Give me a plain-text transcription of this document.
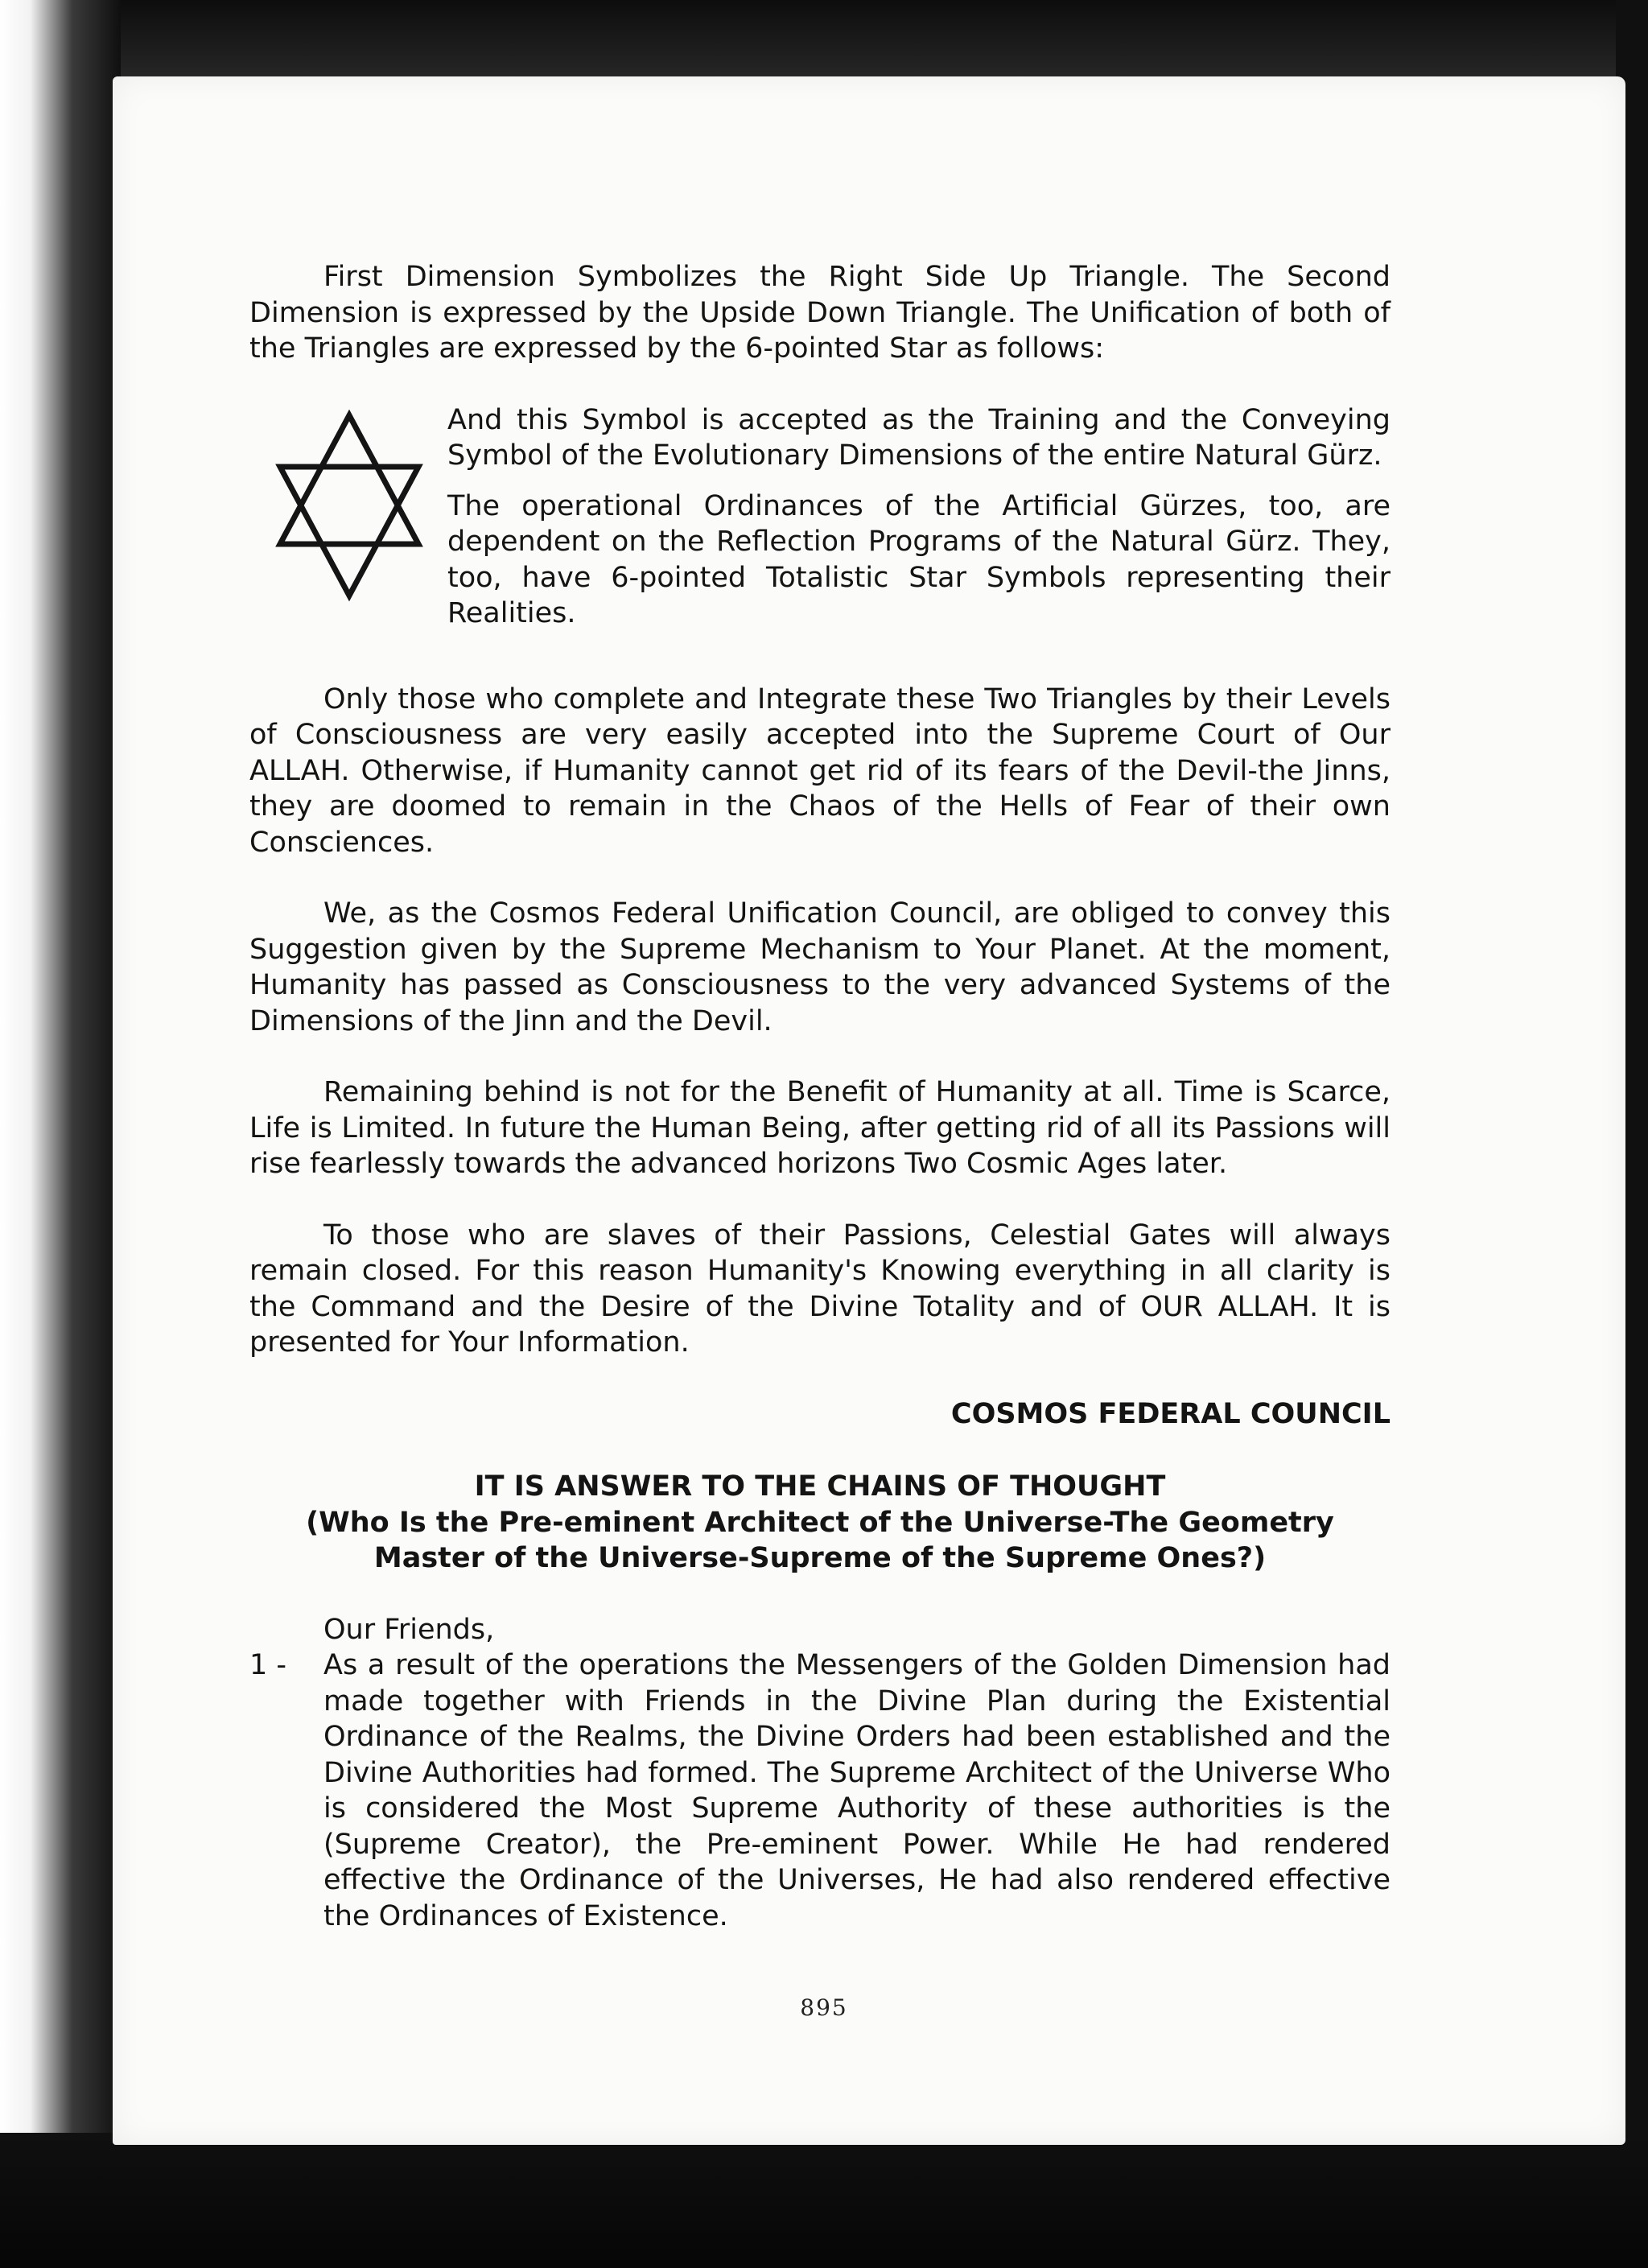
First Dimension Symbolizes the Right Side Up Triangle. The Second Dimension is expressed by the Upside Down Triangle. The Unification of both of the Triangles are expressed by the 6-pointed Star as follows:

And this Symbol is accepted as the Training and the Conveying Symbol of the Evolutionary Dimensions of the entire Natural Gürz.

The operational Ordinances of the Artificial Gürzes, too, are dependent on the Reflection Programs of the Natural Gürz. They, too, have 6-pointed Totalistic Star Symbols representing their Realities.

Only those who complete and Integrate these Two Triangles by their Levels of Consciousness are very easily accepted into the Supreme Court of Our ALLAH. Otherwise, if Humanity cannot get rid of its fears of the Devil-the Jinns, they are doomed to remain in the Chaos of the Hells of Fear of their own Consciences.

We, as the Cosmos Federal Unification Council, are obliged to convey this Suggestion given by the Supreme Mechanism to Your Planet. At the moment, Humanity has passed as Consciousness to the very advanced Systems of the Dimensions of the Jinn and the Devil.

Remaining behind is not for the Benefit of Humanity at all. Time is Scarce, Life is Limited. In future the Human Being, after getting rid of all its Passions will rise fearlessly towards the advanced horizons Two Cosmic Ages later.

To those who are slaves of their Passions, Celestial Gates will always remain closed. For this reason Humanity's Knowing everything in all clarity is the Command and the Desire of the Divine Totality and of OUR ALLAH. It is presented for Your Information.

COSMOS FEDERAL COUNCIL
IT IS ANSWER TO THE CHAINS OF THOUGHT
(Who Is the Pre-eminent Architect of the Universe-The Geometry
Master of the Universe-Supreme of the Supreme Ones?)
Our Friends,
1 -	As a result of the operations the Messengers of the Golden Dimension had made together with Friends in the Divine Plan during the Existential Ordinance of the Realms, the Divine Orders had been established and the Divine Authorities had formed. The Supreme Architect of the Universe Who is considered the Most Supreme Authority of these authorities is the (Supreme Creator), the Pre-eminent Power. While He had rendered effective the Ordinance of the Universes, He had also rendered effective the Ordinances of Existence.
895
